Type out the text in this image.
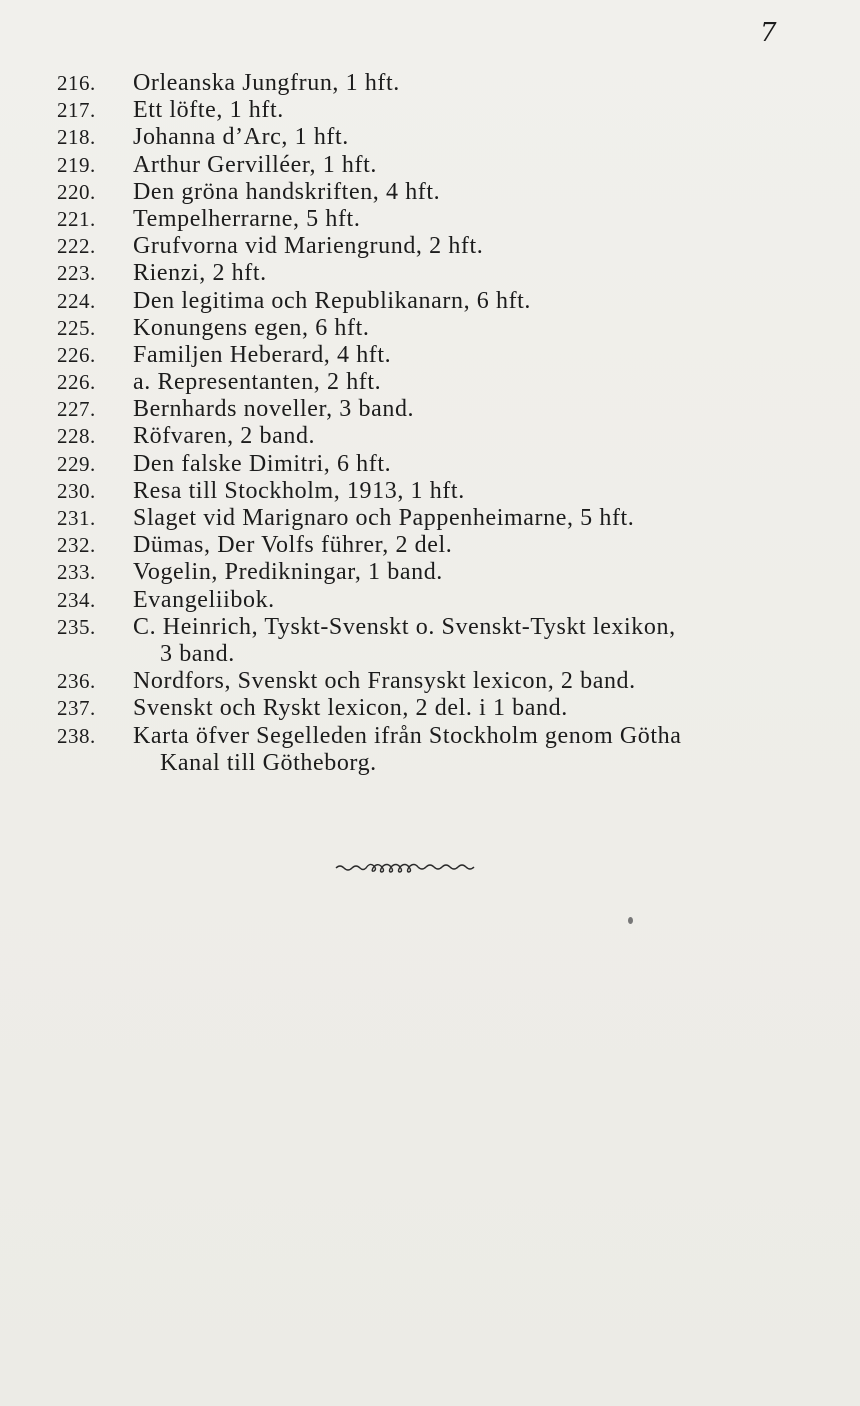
7
216.	Orleanska Jungfrun, 1 hft.
217.	Ett löfte, 1 hft.
218.	Johanna d’Arc, 1 hft.
219.	Arthur Gervilléer, 1 hft.
220.	Den gröna handskriften, 4 hft.
221.	Tempelherrarne, 5 hft.
222.	Grufvorna vid Mariengrund, 2 hft.
223.	Rienzi, 2 hft.
224.	Den legitima och Republikanarn, 6 hft.
225.	Konungens egen, 6 hft.
226.	Familjen Heberard, 4 hft.
226.	a. Representanten, 2 hft.
227.	Bernhards noveller, 3 band.
228.	Röfvaren, 2 band.
229.	Den falske Dimitri, 6 hft.
230.	Resa till Stockholm, 1913, 1 hft.
231.	Slaget vid Marignaro och Pappenheimarne, 5 hft.
232.	Dümas, Der Volfs führer, 2 del.
233.	Vogelin, Predikningar, 1 band.
234.	Evangeliibok.
235.	C. Heinrich, Tyskt-Svenskt o. Svenskt-Tyskt lexikon,
3 band.
236.	Nordfors, Svenskt och Fransyskt lexicon, 2 band.
237.	Svenskt och Ryskt lexicon, 2 del. i 1 band.
238.	Karta öfver Segelleden ifrån Stockholm genom Götha
Kanal till Götheborg.
